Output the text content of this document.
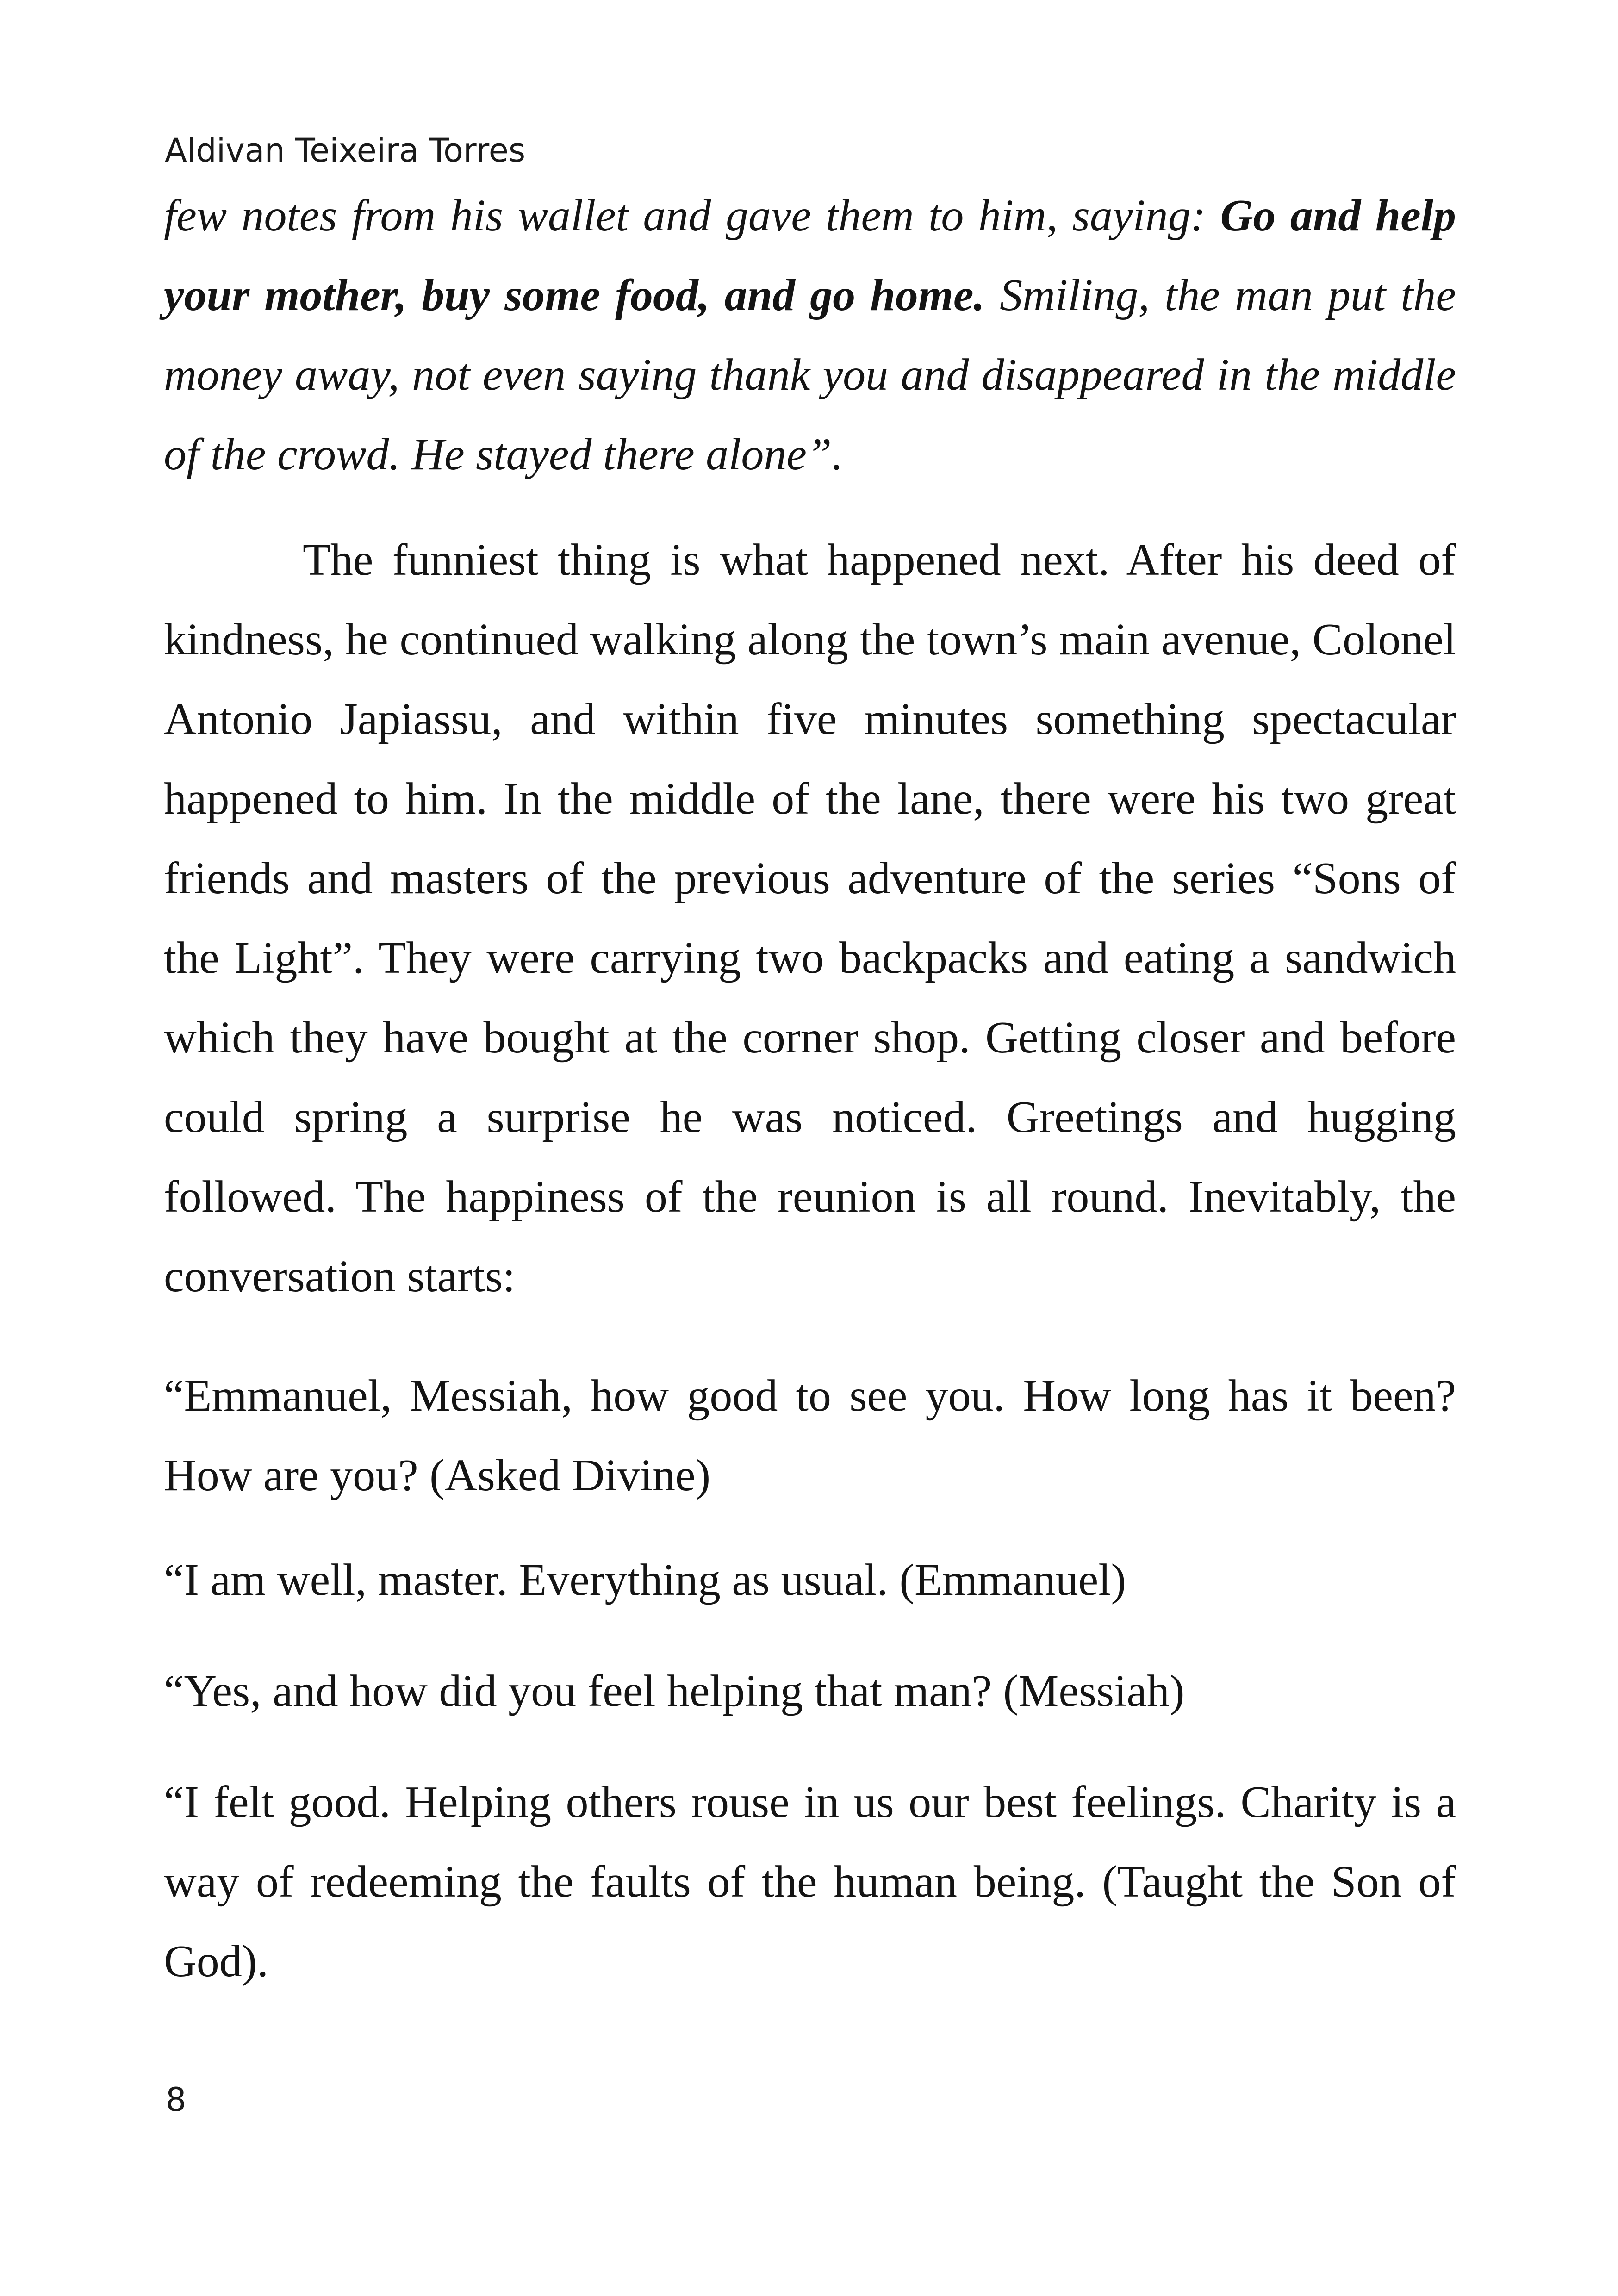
Aldivan Teixeira Torres

few notes from his wallet and gave them to him, saying: Go and help your mother, buy some food, and go home. Smiling, the man put the money away, not even saying thank you and disappeared in the middle of the crowd. He stayed there alone”.

The funniest thing is what happened next. After his deed of kindness, he continued walking along the town’s main avenue, Colonel Antonio Japiassu, and within five minutes something spectacular happened to him. In the middle of the lane, there were his two great friends and masters of the previous adventure of the series “Sons of the Light”. They were carrying two backpacks and eating a sandwich which they have bought at the corner shop. Getting closer and before could spring a surprise he was noticed. Greetings and hugging followed. The happiness of the reunion is all round. Inevitably, the conversation starts:

“Emmanuel, Messiah, how good to see you. How long has it been? How are you? (Asked Divine)

“I am well, master. Everything as usual. (Emmanuel)

“Yes, and how did you feel helping that man? (Messiah)

“I felt good. Helping others rouse in us our best feelings. Charity is a way of redeeming the faults of the human being. (Taught the Son of God).

8
